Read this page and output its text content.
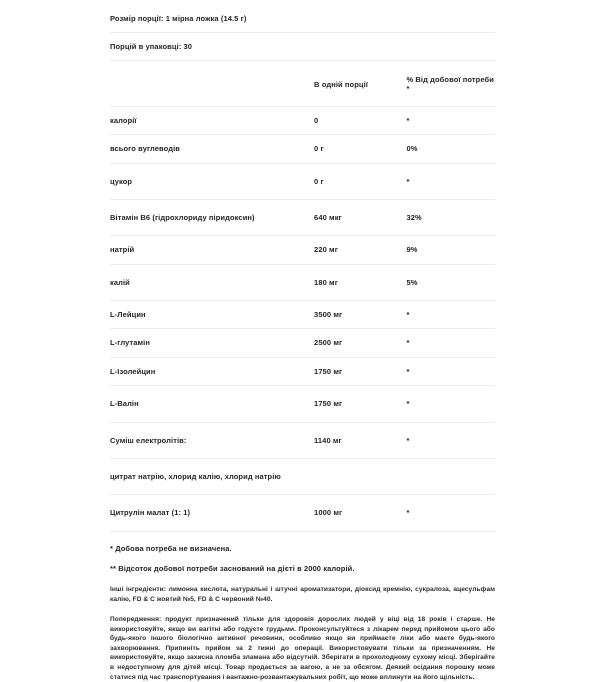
Розмір порції: 1 мірна ложка (14.5 г)
Порцій в упаковці: 30
	В одній порції	% Від добової потреби *
калорії	0	*
всього вуглеводів	0 г	0%
цукор	0 г	*
Вітамін B6 (гідрохлориду піридоксин)	640 мкг	32%
натрій	220 мг	9%
калій	180 мг	5%
L-Лейцин	3500 мг	*
L-глутамін	2500 мг	*
L-Ізолейцин	1750 мг	*
L-Валін	1750 мг	*
Суміш електролітів:	1140 мг	*
цитрат натрію, хлорид калію, хлорид натрію		
Цитрулін малат (1: 1)	1000 мг	*
* Добова потреба не визначена.
** Відсоток добової потреби заснований на дієті в 2000 калорій.

Інші інгредієнти: лимонна кислота, натуральні і штучні ароматизатори, діоксид кремнію, сукралоза, ацесульфам калію, FD & C жовтий №5, FD & C червоний №40.

Попередження: продукт призначений тільки для здоровія дорослих людей у віці від 18 років і старше. Не використовуйте, якщо ви вагітні або годуєте грудьми. Проконсультуйтеся з лікарем перед прийомом цього або будь-якого іншого біологічно активної речовини, особливо якщо ви приймаєте ліки або маєте будь-якого захворювання. Припиніть прийом за 2 тижні до операції. Використовувати тільки за призначенням. Не використовуйте, якщо захисна пломба зламана або відсутній. Зберігати в прохолодному сухому місці. Зберігайте в недоступному для дітей місці. Товар продається за вагою, а не за обсягом. Деякий осідання порошку може статися під час транспортування і вантажно-розвантажувальних робіт, що може вплинути на його щільність.
